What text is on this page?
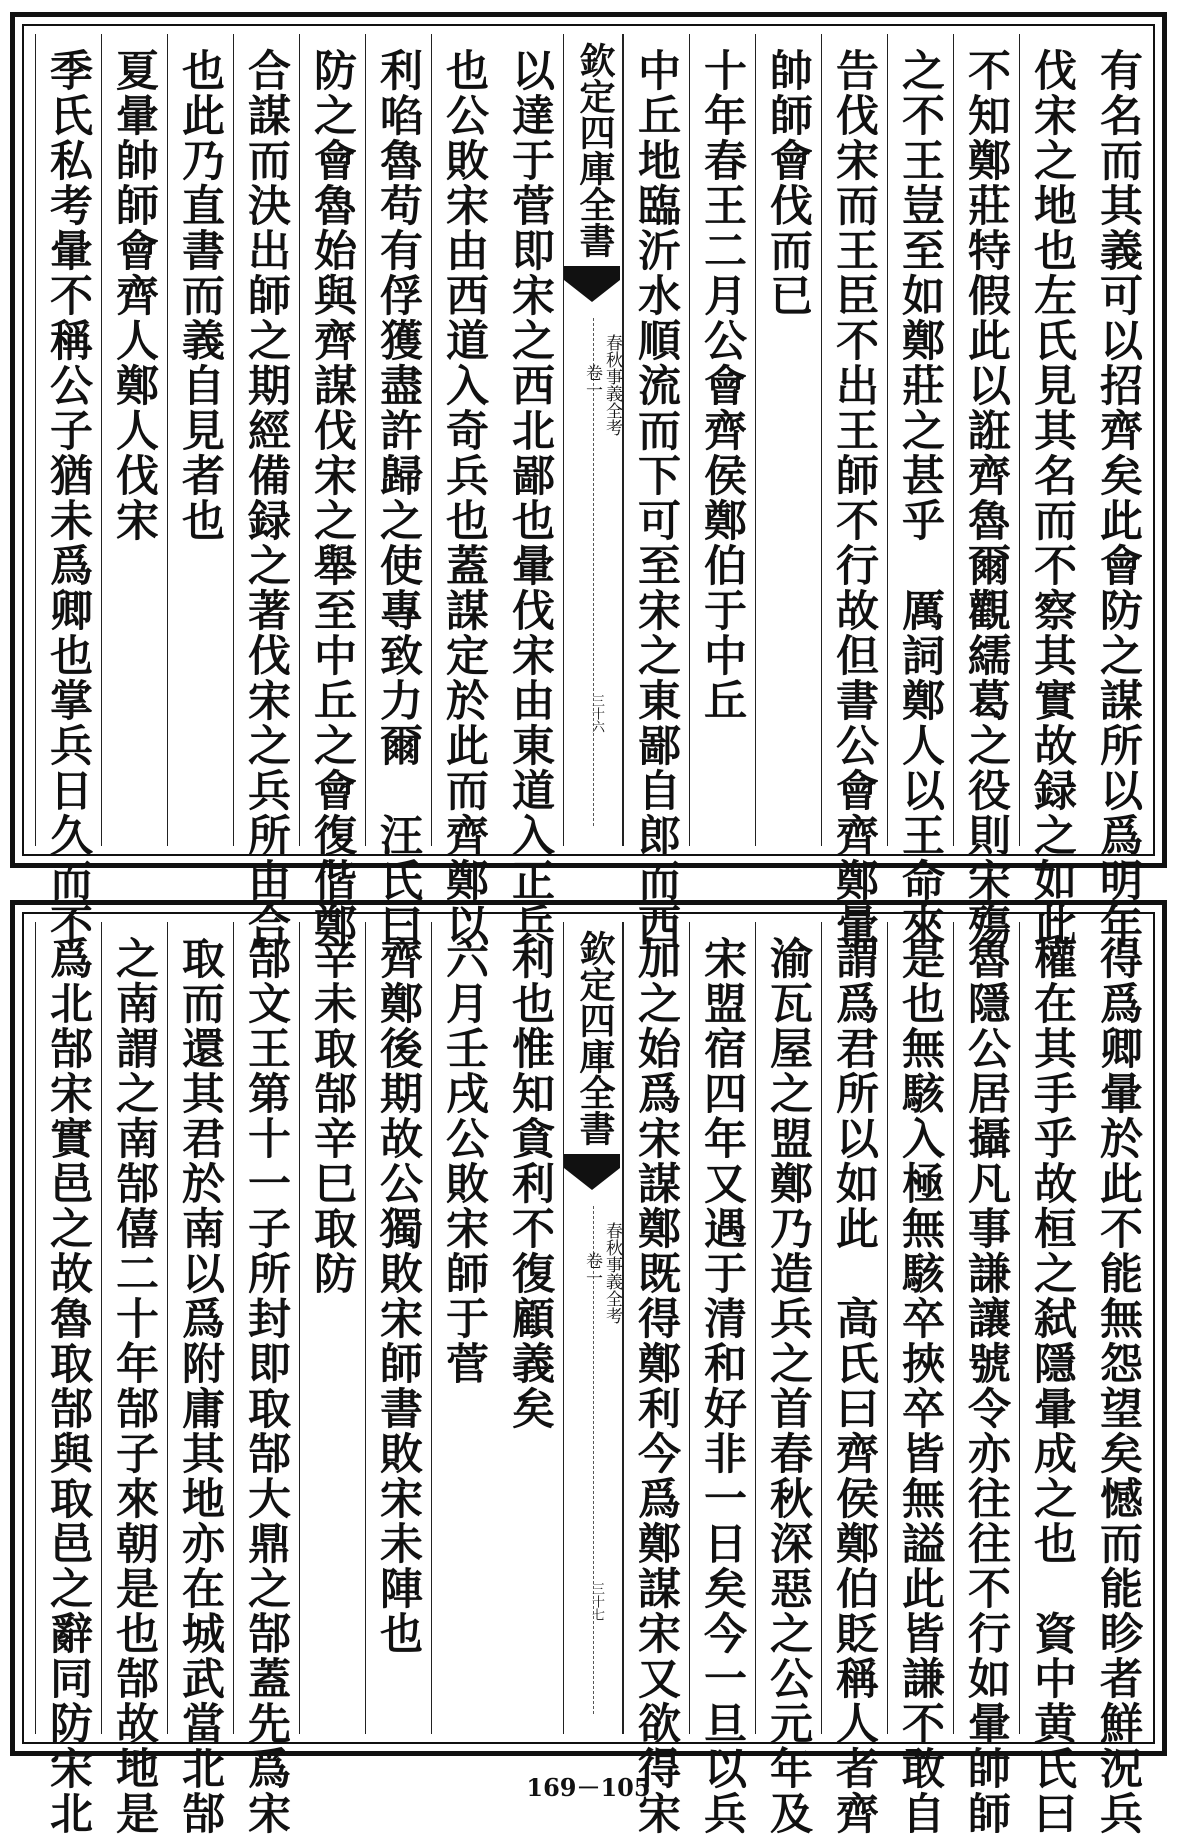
有名而其義可以招齊矣此會防之謀所以爲明年
伐宋之地也左氏見其名而不察其實故録之如此
不知鄭莊特假此以誑齊魯爾觀繻葛之役則宋殤
之不王豈至如鄭莊之甚乎　厲詞鄭人以王命來
告伐宋而王臣不出王師不行故但書公會齊鄭暈
帥師會伐而已
十年春王二月公會齊侯鄭伯于中丘
中丘地臨沂水順流而下可至宋之東鄙自郎而西
欽定四庫全書
春秋事義全考
卷一
三十六
以達于菅即宋之西北鄙也暈伐宋由東道入正兵
也公敗宋由西道入奇兵也蓋謀定於此而齊鄭以
利啗魯苟有俘獲盡許歸之使專致力爾　汪氏曰
防之會魯始與齊謀伐宋之舉至中丘之會復偕鄭
合謀而決出師之期經備録之著伐宋之兵所由合
也此乃直書而義自見者也
夏暈帥師會齊人鄭人伐宋
季氏私考暈不稱公子猶未爲卿也掌兵日久而不
得爲卿暈於此不能無怨望矣憾而能眕者鮮況兵
權在其手乎故桓之弑隱暈成之也　資中黄氏曰
魯隱公居攝凡事謙讓號令亦往往不行如暈帥師
是也無駭入極無駭卒挾卒皆無謚此皆謙不敢自
謂爲君所以如此　高氏曰齊侯鄭伯貶稱人者齊
渝瓦屋之盟鄭乃造兵之首春秋深惡之公元年及
宋盟宿四年又遇于清和好非一日矣今一旦以兵
加之始爲宋謀鄭既得鄭利今爲鄭謀宋又欲得宋
欽定四庫全書
春秋事義全考
卷一
三十七
利也惟知貪利不復顧義矣
六月壬戌公敗宋師于菅
齊鄭後期故公獨敗宋師書敗宋未陣也
辛未取郜辛巳取防
郜文王第十一子所封即取郜大鼎之郜蓋先爲宋
取而還其君於南以爲附庸其地亦在城武當北郜
之南謂之南郜僖二十年郜子來朝是也郜故地是
爲北郜宋實邑之故魯取郜與取邑之辭同防宋北	169－105
